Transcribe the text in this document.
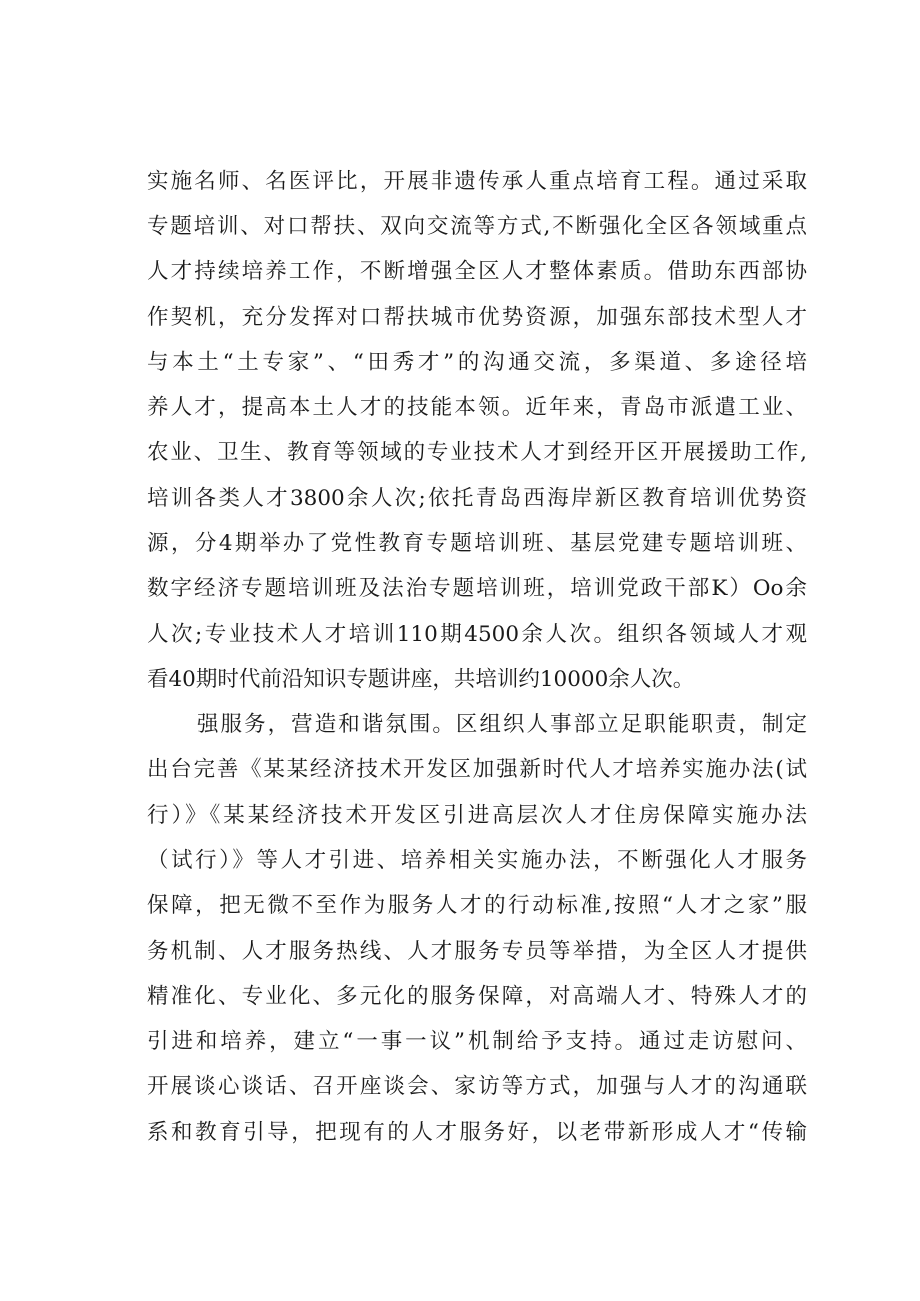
实施名师、名医评比，开展非遗传承人重点培育工程。通过采取
专题培训、对口帮扶、双向交流等方式,不断强化全区各领域重点
人才持续培养工作，不断增强全区人才整体素质。借助东西部协
作契机，充分发挥对口帮扶城市优势资源，加强东部技术型人才
与本土“土专家”、“田秀才”的沟通交流，多渠道、多途径培
养人才，提高本土人才的技能本领。近年来，青岛市派遣工业、
农业、卫生、教育等领域的专业技术人才到经开区开展援助工作,
培训各类人才3800余人次;依托青岛西海岸新区教育培训优势资
源，分4期举办了党性教育专题培训班、基层党建专题培训班、
数字经济专题培训班及法治专题培训班，培训党政干部K）Oo余
人次;专业技术人才培训110期4500余人次。组织各领域人才观
看40期时代前沿知识专题讲座，共培训约10000余人次。
强服务，营造和谐氛围。区组织人事部立足职能职责，制定
出台完善《某某经济技术开发区加强新时代人才培养实施办法(试
行）》《某某经济技术开发区引进高层次人才住房保障实施办法
（试行）》等人才引进、培养相关实施办法，不断强化人才服务
保障，把无微不至作为服务人才的行动标准,按照“人才之家”服
务机制、人才服务热线、人才服务专员等举措，为全区人才提供
精准化、专业化、多元化的服务保障，对高端人才、特殊人才的
引进和培养，建立“一事一议”机制给予支持。通过走访慰问、
开展谈心谈话、召开座谈会、家访等方式，加强与人才的沟通联
系和教育引导，把现有的人才服务好，以老带新形成人才“传输
